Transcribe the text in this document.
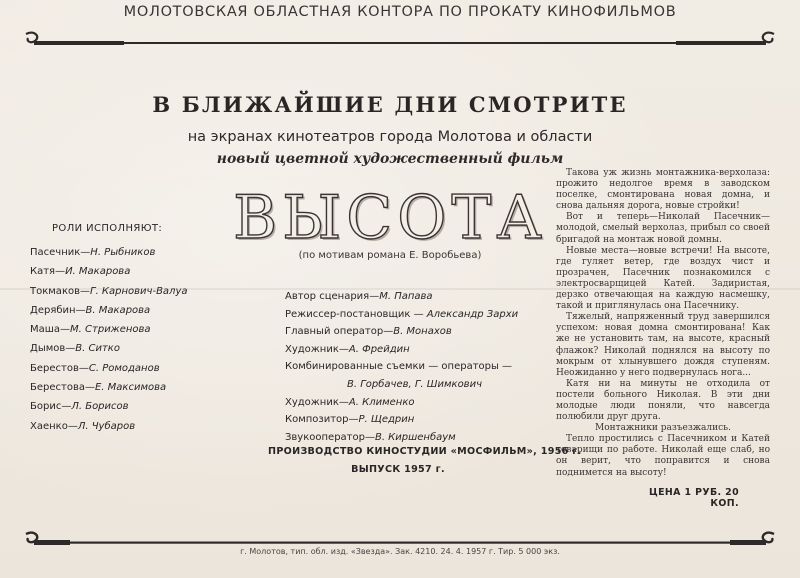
МОЛОТОВСКАЯ ОБЛАСТНАЯ КОНТОРА ПО ПРОКАТУ КИНОФИЛЬМОВ
В БЛИЖАЙШИЕ ДНИ СМОТРИТЕ
на экранах кинотеатров города Молотова и области
новый цветной художественный фильм
ВЫСОТА
(по мотивам романа Е. Воробьева)
РОЛИ ИСПОЛНЯЮТ:
Пасечник—Н. Рыбников
Катя—И. Макарова
Токмаков—Г. Карнович-Валуа
Дерябин—В. Макарова
Маша—М. Стриженова
Дымов—В. Ситко
Берестов—С. Ромоданов
Берестова—Е. Максимова
Борис—Л. Борисов
Хаенко—Л. Чубаров
Автор сценария—М. Папава
Режиссер-постановщик — Александр Зархи
Главный оператор—В. Монахов
Художник—А. Фрейдин
Комбинированные съемки — операторы —
В. Горбачев, Г. Шимкович
Художник—А. Клименко
Композитор—Р. Щедрин
Звукооператор—В. Киршенбаум
ПРОИЗВОДСТВО КИНОСТУДИИ «МОСФИЛЬМ», 1956 г.
ВЫПУСК 1957 г.

Такова уж жизнь монтажника-верхолаза: прожито недолгое время в заводском поселке, смонтирована новая домна, и снова дальняя дорога, новые стройки!

Вот и теперь—Николай Пасечник—молодой, смелый верхолаз, прибыл со своей бригадой на монтаж новой домны.

Новые места—новые встречи! На высоте, где гуляет ветер, где воздух чист и прозрачен, Пасечник познакомился с электросварщицей Катей. Задиристая, дерзко отвечающая на каждую насмешку, такой и приглянулась она Пасечнику.

Тяжелый, напряженный труд завершился успехом: новая домна смонтирована! Как же не установить там, на высоте, красный флажок? Николай поднялся на высоту по мокрым от хлынувшего дождя ступеням. Неожиданно у него подвернулась нога...

Катя ни на минуты не отходила от постели больного Николая. В эти дни молодые люди поняли, что навсегда полюбили друг друга.

Монтажники разъезжались.

Тепло простились с Пасечником и Катей товарищи по работе. Николай еще слаб, но он верит, что поправится и снова поднимется на высоту!

ЦЕНА 1 РУБ. 20 КОП.
г. Молотов, тип. обл. изд. «Звезда». Зак. 4210. 24. 4. 1957 г. Тир. 5 000 экз.
